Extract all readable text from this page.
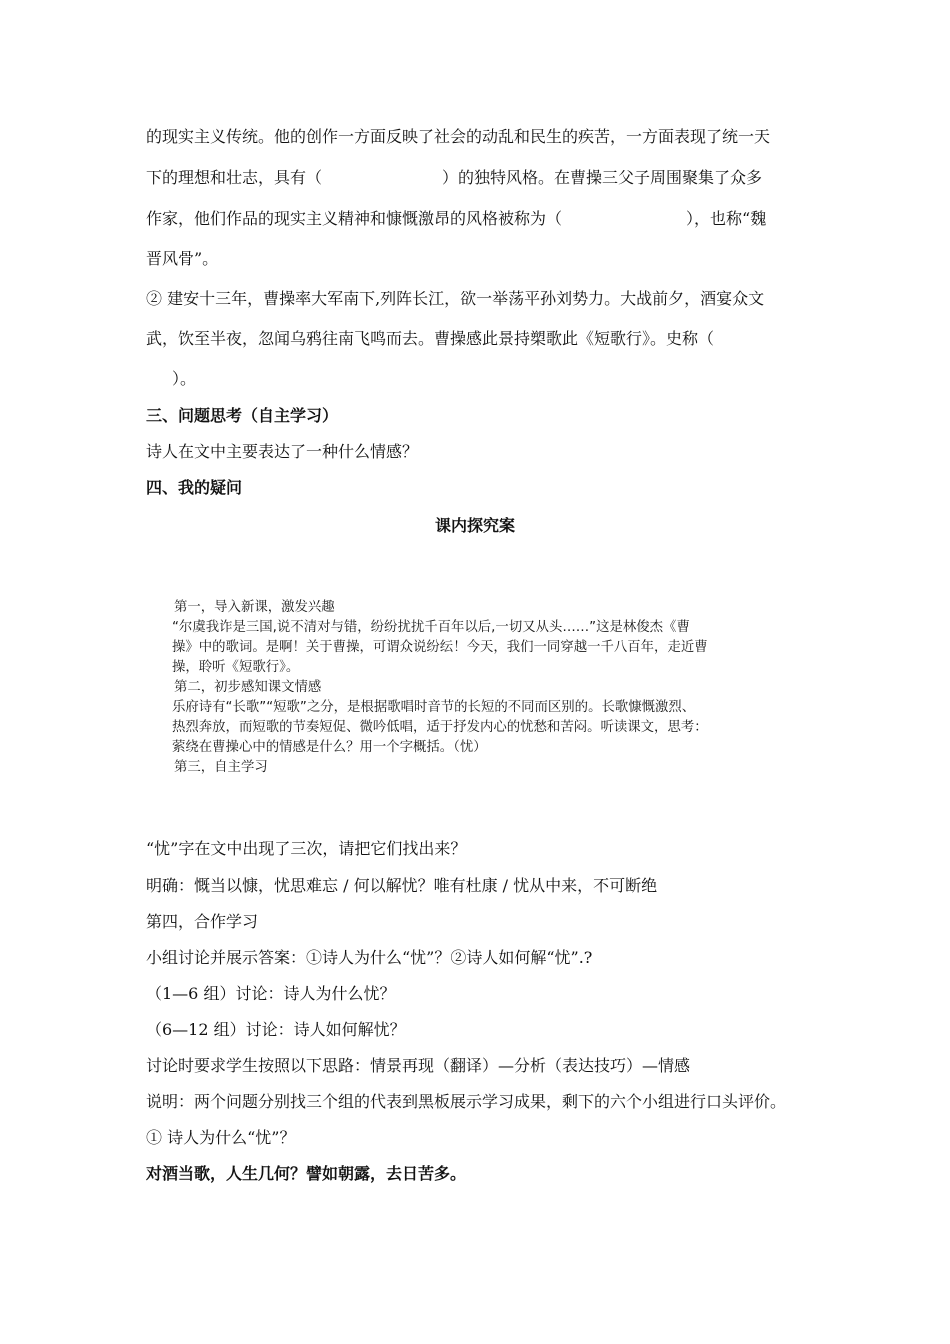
的现实主义传统。他的创作一方面反映了社会的动乱和民生的疾苦，一方面表现了统一天
下的理想和壮志，具有（	）的独特风格。在曹操三父子周围聚集了众多
作家，他们作品的现实主义精神和慷慨激昂的风格被称为（	），也称“魏
晋风骨”。
② 建安十三年，曹操率大军南下,列阵长江，欲一举荡平孙刘势力。大战前夕，酒宴众文
武，饮至半夜，忽闻乌鸦往南飞鸣而去。曹操感此景持槊歌此《短歌行》。史称（
）。
三、问题思考（自主学习）
诗人在文中主要表达了一种什么情感？
四、我的疑问
课内探究案
第一，导入新课，激发兴趣
“尔虞我诈是三国,说不清对与错，纷纷扰扰千百年以后,一切又从头……”这是林俊杰《曹
操》中的歌词。是啊！关于曹操，可谓众说纷纭！今天，我们一同穿越一千八百年，走近曹
操，聆听《短歌行》。
第二，初步感知课文情感
乐府诗有“长歌”“短歌”之分，是根据歌唱时音节的长短的不同而区别的。长歌慷慨激烈、
热烈奔放，而短歌的节奏短促、微吟低唱，适于抒发内心的忧愁和苦闷。听读课文，思考：
萦绕在曹操心中的情感是什么？用一个字概括。（忧）
第三，自主学习
“忧”字在文中出现了三次，请把它们找出来？
明确：慨当以慷，忧思难忘 / 何以解忧？唯有杜康 / 忧从中来，不可断绝
第四，合作学习
小组讨论并展示答案：①诗人为什么“忧”？②诗人如何解“忧”.?
（1—6 组）讨论：诗人为什么忧？
（6—12 组）讨论：诗人如何解忧？
讨论时要求学生按照以下思路：情景再现（翻译）—分析（表达技巧）—情感
说明：两个问题分别找三个组的代表到黑板展示学习成果，剩下的六个小组进行口头评价。
① 诗人为什么“忧”？
对酒当歌，人生几何？譬如朝露，去日苦多。
